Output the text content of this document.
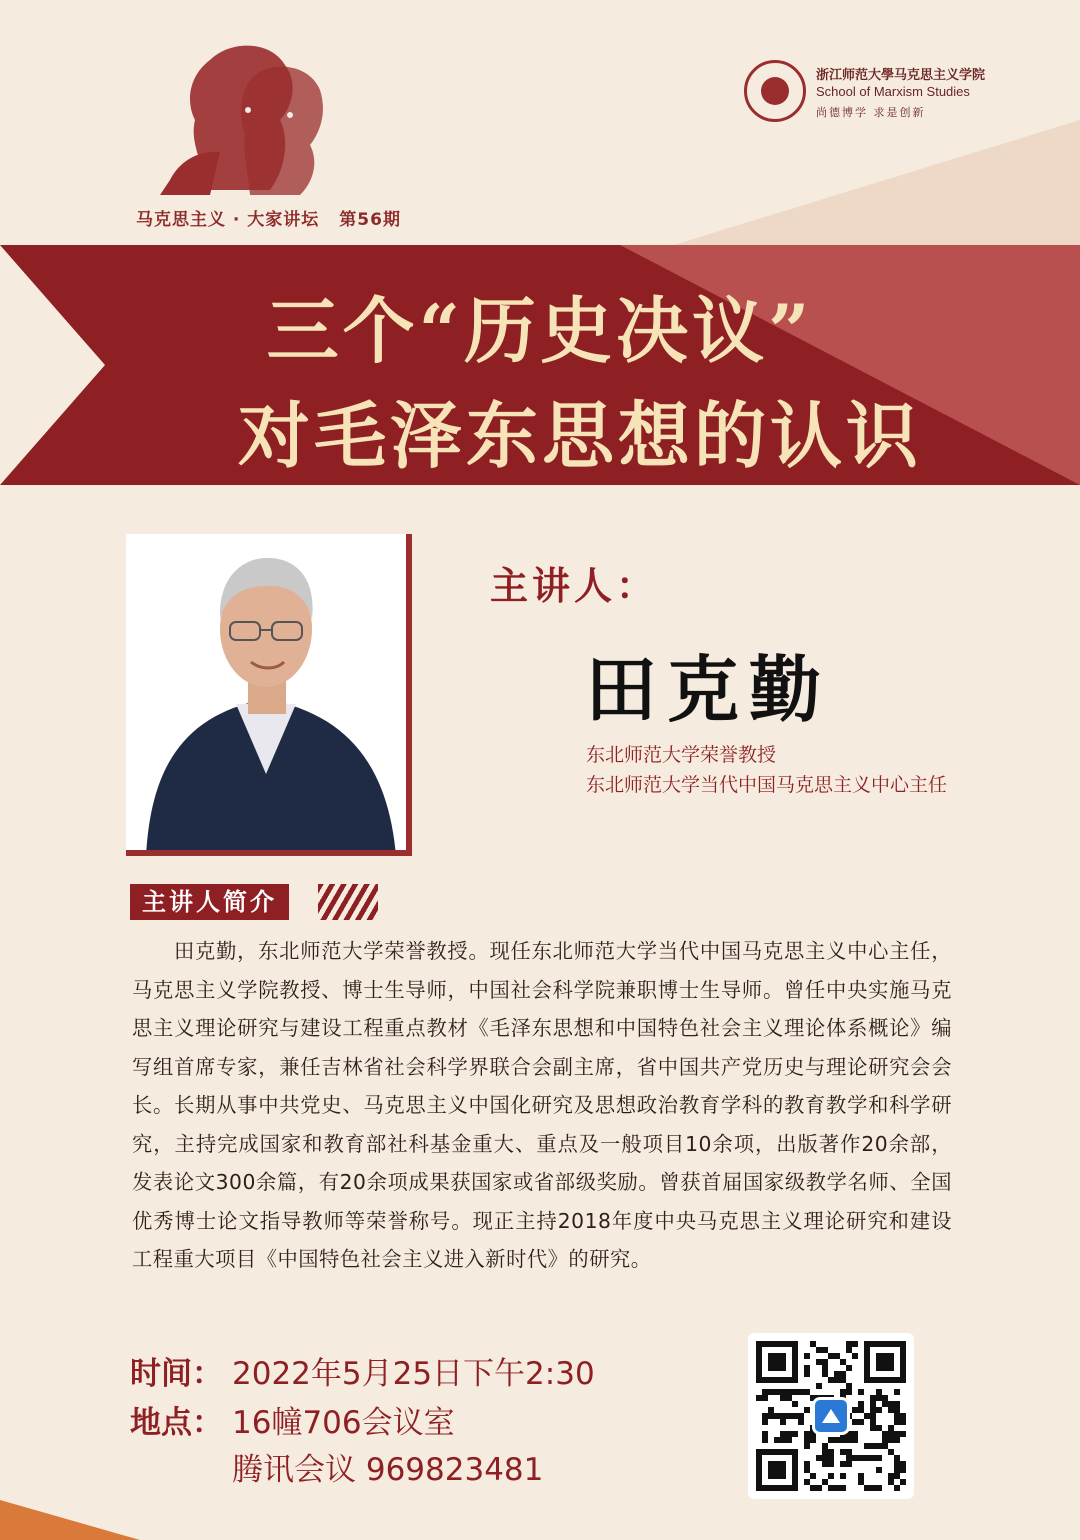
马克思主义 · 大家讲坛 第56期
浙江师范大學马克思主义学院
School of Marxism Studies
尚德博学 求是创新
三个“历史决议”
对毛泽东思想的认识
主讲人：
田克勤
东北师范大学荣誉教授
东北师范大学当代中国马克思主义中心主任
主讲人简介
田克勤，东北师范大学荣誉教授。现任东北师范大学当代中国马克思主义中心主任，马克思主义学院教授、博士生导师，中国社会科学院兼职博士生导师。曾任中央实施马克思主义理论研究与建设工程重点教材《毛泽东思想和中国特色社会主义理论体系概论》编写组首席专家，兼任吉林省社会科学界联合会副主席，省中国共产党历史与理论研究会会长。长期从事中共党史、马克思主义中国化研究及思想政治教育学科的教育教学和科学研究，主持完成国家和教育部社科基金重大、重点及一般项目10余项，出版著作20余部，发表论文300余篇，有20余项成果获国家或省部级奖励。曾获首届国家级教学名师、全国优秀博士论文指导教师等荣誉称号。现正主持2018年度中央马克思主义理论研究和建设工程重大项目《中国特色社会主义进入新时代》的研究。
时间： 2022年5月25日下午2:30
地点： 16幢706会议室
腾讯会议 969823481
